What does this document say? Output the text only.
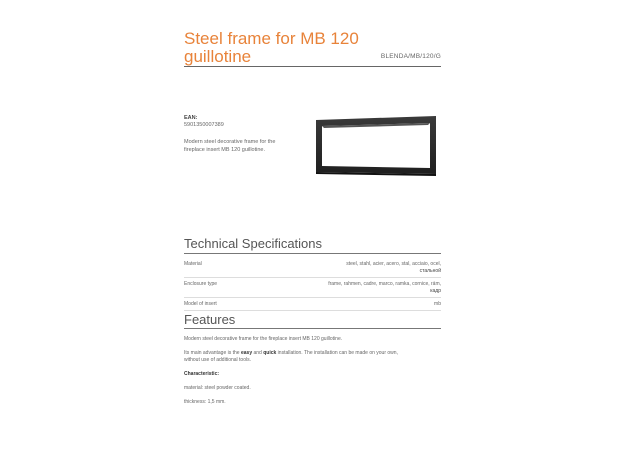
Steel frame for MB 120
guillotine	BLENDA/MB/120/G
EAN:
5901350007389
Modern steel decorative frame for the
fireplace insert MB 120 guillotine.
Technical Specifications
Material	steel, stahl, acier, acero, stal, acciaio, ocel,
стальной
Enclosure type	frame, rahmen, cadre, marco, ramka, cornice, rám,
кадр
Model of insert	mb
Features

Modern steel decorative frame for the fireplace insert MB 120 guillotine.

Its main advantage is the easy and quick installation. The installation can be made on your own,
without use of additional tools.

Characteristic:

material: steel powder coated.

thickness: 1,5 mm.
